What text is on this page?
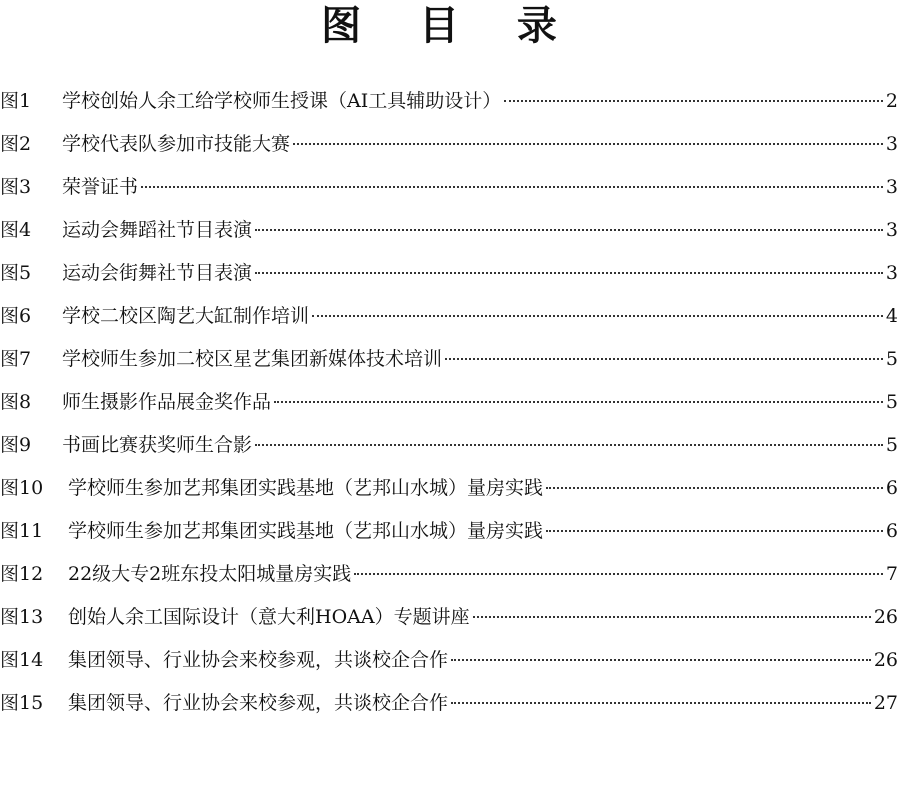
图 目 录
图1	学校创始人余工给学校师生授课（AI工具辅助设计）	2
图2	学校代表队参加市技能大赛	3
图3	荣誉证书	3
图4	运动会舞蹈社节目表演	3
图5	运动会街舞社节目表演	3
图6	学校二校区陶艺大缸制作培训	4
图7	学校师生参加二校区星艺集团新媒体技术培训	5
图8	师生摄影作品展金奖作品	5
图9	书画比赛获奖师生合影	5
图10	学校师生参加艺邦集团实践基地（艺邦山水城）量房实践	6
图11	学校师生参加艺邦集团实践基地（艺邦山水城）量房实践	6
图12	22级大专2班东投太阳城量房实践	7
图13	创始人余工国际设计（意大利HOAA）专题讲座	26
图14	集团领导、行业协会来校参观，共谈校企合作	26
图15	集团领导、行业协会来校参观，共谈校企合作	27
